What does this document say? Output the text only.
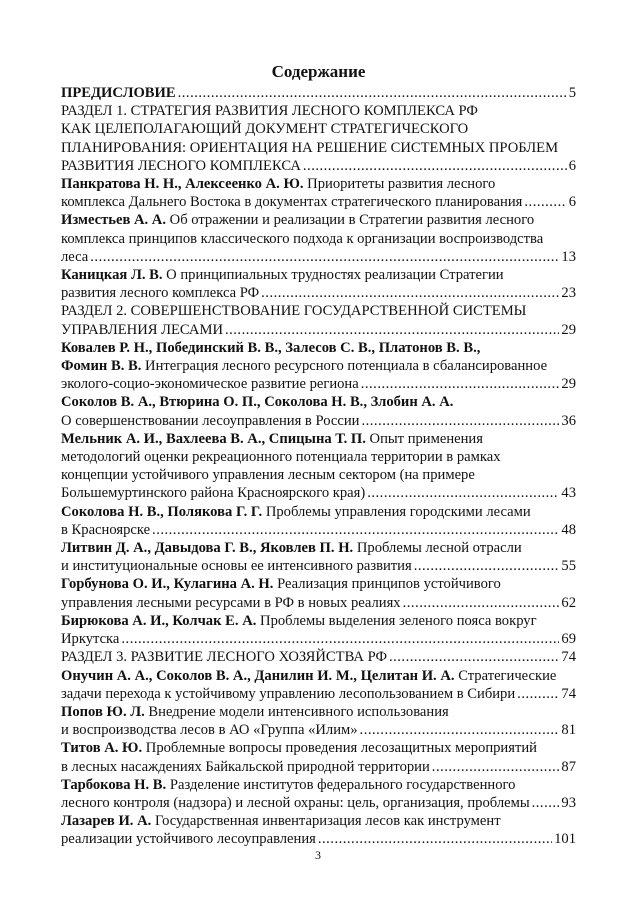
Содержание
ПРЕДИСЛОВИЕ .....	5
РАЗДЕЛ 1. СТРАТЕГИЯ РАЗВИТИЯ ЛЕСНОГО КОМПЛЕКСА РФ
КАК ЦЕЛЕПОЛАГАЮЩИЙ ДОКУМЕНТ СТРАТЕГИЧЕСКОГО
ПЛАНИРОВАНИЯ: ОРИЕНТАЦИЯ НА РЕШЕНИЕ СИСТЕМНЫХ ПРОБЛЕМ
РАЗВИТИЯ ЛЕСНОГО КОМПЛЕКСА .....	6
Панкратова Н. Н., Алексеенко А. Ю. Приоритеты развития лесного
комплекса Дальнего Востока в документах стратегического планирования .....	6
Изместьев А. А. Об отражении и реализации в Стратегии развития лесного
комплекса принципов классического подхода к организации воспроизводства
леса .....	13
Каницкая Л. В. О принципиальных трудностях реализации Стратегии
развития лесного комплекса РФ .....	23
РАЗДЕЛ 2. СОВЕРШЕНСТВОВАНИЕ ГОСУДАРСТВЕННОЙ СИСТЕМЫ
УПРАВЛЕНИЯ ЛЕСАМИ .....	29
Ковалев Р. Н., Побединский В. В., Залесов С. В., Платонов В. В.,
Фомин В. В. Интеграция лесного ресурсного потенциала в сбалансированное
эколого-социо-экономическое развитие региона .....	29
Соколов В. А., Втюрина О. П., Соколова Н. В., Злобин А. А.
О совершенствовании лесоуправления в России .....	36
Мельник А. И., Вахлеева В. А., Спицына Т. П. Опыт применения
методологий оценки рекреационного потенциала территории в рамках
концепции устойчивого управления лесным сектором (на примере
Большемуртинского района Красноярского края) .....	43
Соколова Н. В., Полякова Г. Г. Проблемы управления городскими лесами
в Красноярске .....	48
Литвин Д. А., Давыдова Г. В., Яковлев П. Н. Проблемы лесной отрасли
и институциональные основы ее интенсивного развития .....	55
Горбунова О. И., Кулагина А. Н. Реализация принципов устойчивого
управления лесными ресурсами в РФ в новых реалиях .....	62
Бирюкова А. И., Колчак Е. А. Проблемы выделения зеленого пояса вокруг
Иркутска .....	69
РАЗДЕЛ 3. РАЗВИТИЕ ЛЕСНОГО ХОЗЯЙСТВА РФ .....	74
Онучин А. А., Соколов В. А., Данилин И. М., Целитан И. А. Стратегические
задачи перехода к устойчивому управлению лесопользованием в Сибири .....	74
Попов Ю. Л. Внедрение модели интенсивного использования
и воспроизводства лесов в АО «Группа «Илим» .....	81
Титов А. Ю. Проблемные вопросы проведения лесозащитных мероприятий
в лесных насаждениях Байкальской природной территории .....	87
Тарбокова Н. В. Разделение институтов федерального государственного
лесного контроля (надзора) и лесной охраны: цель, организация, проблемы ..... 93
Лазарев И. А. Государственная инвентаризация лесов как инструмент
реализации устойчивого лесоуправления .....	101
3
